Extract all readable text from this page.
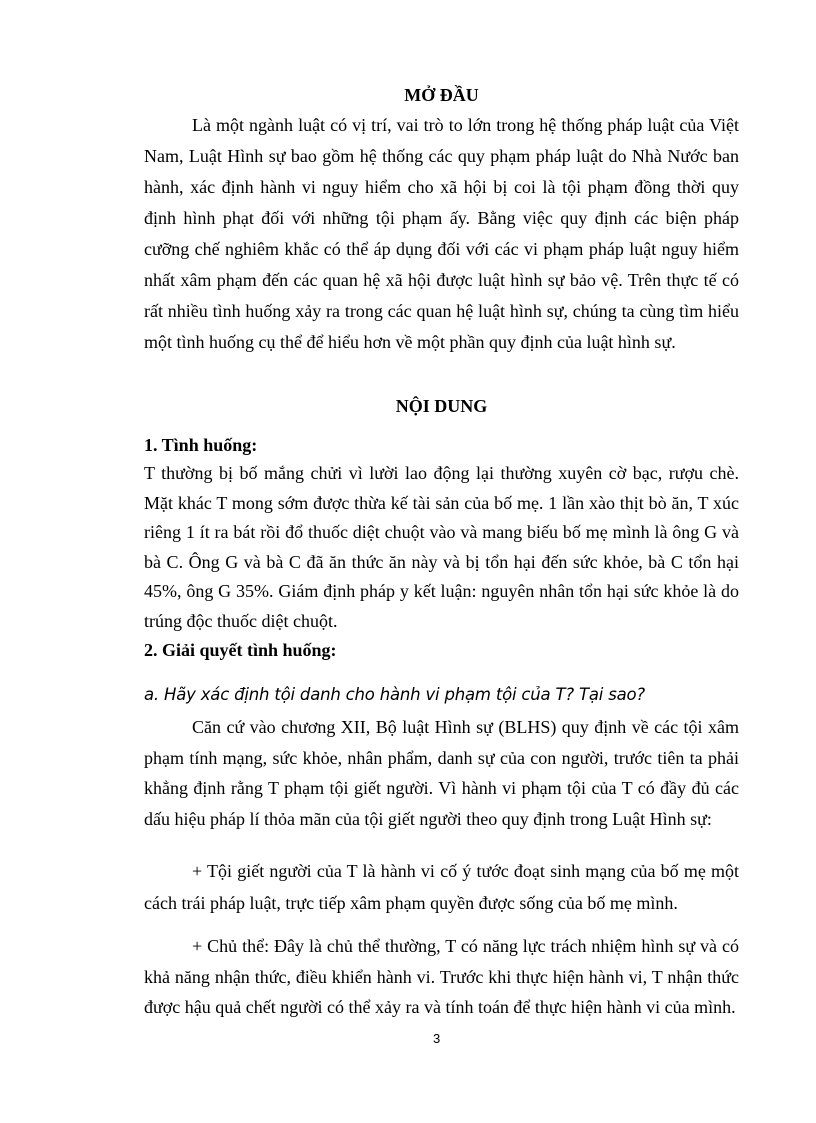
MỞ ĐẦU

Là một ngành luật có vị trí, vai trò to lớn trong hệ thống pháp luật của Việt Nam, Luật Hình sự bao gồm hệ thống các quy phạm pháp luật do Nhà Nước ban hành, xác định hành vi nguy hiểm cho xã hội bị coi là tội phạm đồng thời quy định hình phạt đối với những tội phạm ấy. Bằng việc quy định các biện pháp cưỡng chế nghiêm khắc có thể áp dụng đối với các vi phạm pháp luật nguy hiểm nhất xâm phạm đến các quan hệ xã hội được luật hình sự bảo vệ. Trên thực tế có rất nhiều tình huống xảy ra trong các quan hệ luật hình sự, chúng ta cùng tìm hiểu một tình huống cụ thể để hiểu hơn về một phần quy định của luật hình sự.

NỘI DUNG
1. Tình huống:

T thường bị bố mắng chửi vì lười lao động lại thường xuyên cờ bạc, rượu chè. Mặt khác T mong sớm được thừa kế tài sản của bố mẹ. 1 lần xào thịt bò ăn, T xúc riêng 1 ít ra bát rồi đổ thuốc diệt chuột vào và mang biếu bố mẹ mình là ông G và bà C. Ông G và bà C đã ăn thức ăn này và bị tổn hại đến sức khỏe, bà C tổn hại 45%, ông G 35%. Giám định pháp y kết luận: nguyên nhân tổn hại sức khỏe là do trúng độc thuốc diệt chuột.

2. Giải quyết tình huống:

a. Hãy xác định tội danh cho hành vi phạm tội của T? Tại sao?

Căn cứ vào chương XII, Bộ luật Hình sự (BLHS) quy định về các tội xâm phạm tính mạng, sức khỏe, nhân phẩm, danh sự của con người, trước tiên ta phải khẳng định rằng T phạm tội giết người. Vì hành vi phạm tội của T có đầy đủ các dấu hiệu pháp lí thỏa mãn của tội giết người theo quy định trong Luật Hình sự:

+ Tội giết người của T là hành vi cố ý tước đoạt sinh mạng của bố mẹ một cách trái pháp luật, trực tiếp xâm phạm quyền được sống của bố mẹ mình.

+ Chủ thể: Đây là chủ thể thường, T có năng lực trách nhiệm hình sự và có khả năng nhận thức, điều khiển hành vi. Trước khi thực hiện hành vi, T nhận thức được hậu quả chết người có thể xảy ra và tính toán để thực hiện hành vi của mình.

3
